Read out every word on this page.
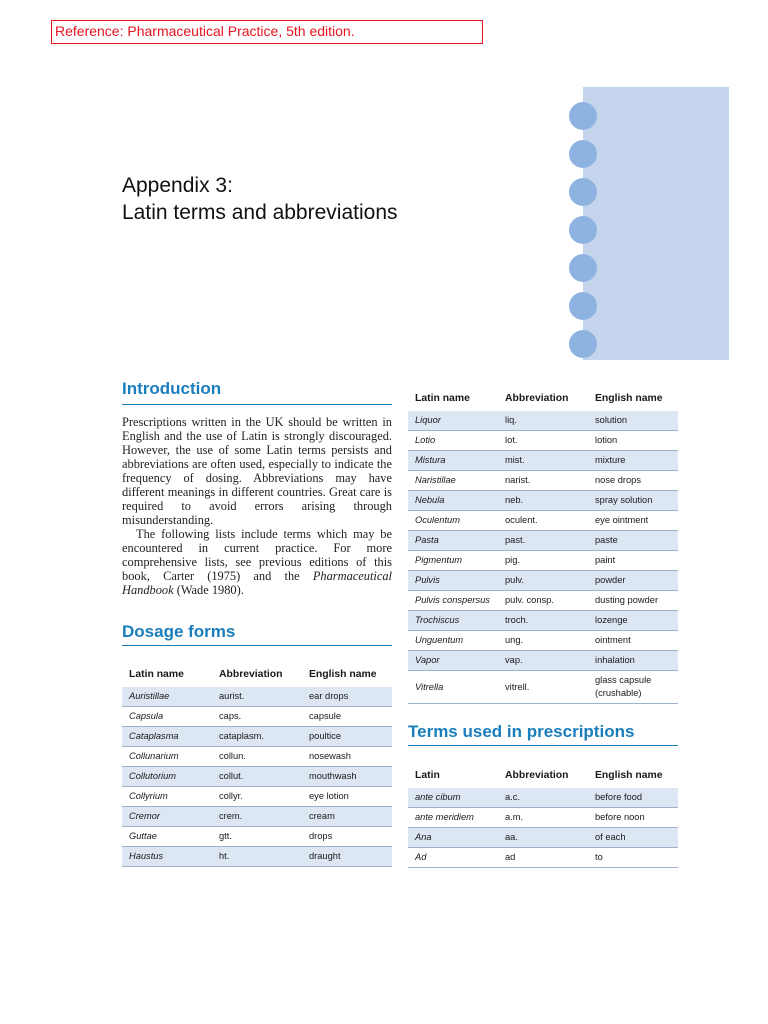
Reference: Pharmaceutical Practice, 5th edition.
Appendix 3:
Latin terms and abbreviations
Introduction

Prescriptions written in the UK should be written in English and the use of Latin is strongly discouraged. However, the use of some Latin terms persists and abbreviations are often used, especially to indicate the frequency of dosing. Abbreviations may have different meanings in different countries. Great care is required to avoid errors arising through misunderstanding.

The following lists include terms which may be encountered in current practice. For more comprehensive lists, see previous editions of this book, Carter (1975) and the Pharmaceutical Handbook (Wade 1980).

Dosage forms
Latin name	Abbreviation	English name
Auristillae	aurist.	ear drops
Capsula	caps.	capsule
Cataplasma	cataplasm.	poultice
Collunarium	collun.	nosewash
Collutorium	collut.	mouthwash
Collyrium	collyr.	eye lotion
Cremor	crem.	cream
Guttae	gtt.	drops
Haustus	ht.	draught
Latin name	Abbreviation	English name
Liquor	liq.	solution
Lotio	lot.	lotion
Mistura	mist.	mixture
Naristillae	narist.	nose drops
Nebula	neb.	spray solution
Oculentum	oculent.	eye ointment
Pasta	past.	paste
Pigmentum	pig.	paint
Pulvis	pulv.	powder
Pulvis conspersus	pulv. consp.	dusting powder
Trochiscus	troch.	lozenge
Unguentum	ung.	ointment
Vapor	vap.	inhalation
Vitrella	vitrell.	glass capsule (crushable)
Terms used in prescriptions
Latin	Abbreviation	English name
ante cibum	a.c.	before food
ante meridiem	a.m.	before noon
Ana	aa.	of each
Ad	ad	to
